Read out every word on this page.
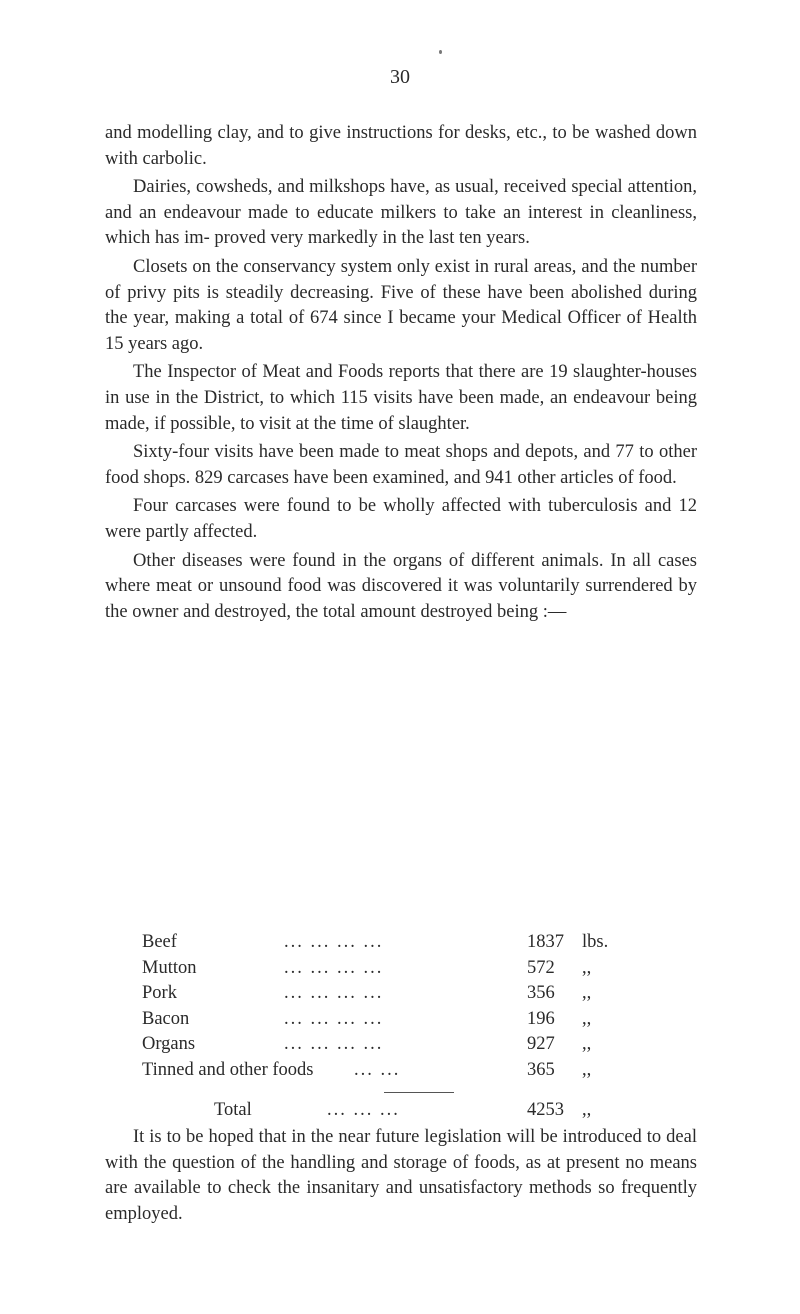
30

and modelling clay, and to give instructions for desks, etc., to be washed down with carbolic.

Dairies, cowsheds, and milkshops have, as usual, received special attention, and an endeavour made to educate milkers to take an interest in cleanliness, which has im- proved very markedly in the last ten years.

Closets on the conservancy system only exist in rural areas, and the number of privy pits is steadily decreasing. Five of these have been abolished during the year, making a total of 674 since I became your Medical Officer of Health 15 years ago.

The Inspector of Meat and Foods reports that there are 19 slaughter-houses in use in the District, to which 115 visits have been made, an endeavour being made, if possible, to visit at the time of slaughter.

Sixty-four visits have been made to meat shops and depots, and 77 to other food shops. 829 carcases have been examined, and 941 other articles of food.

Four carcases were found to be wholly affected with tuberculosis and 12 were partly affected.

Other diseases were found in the organs of different animals. In all cases where meat or unsound food was discovered it was voluntarily surrendered by the owner and destroyed, the total amount destroyed being :—

Beef	... ... ... ...	1837 lbs.
Mutton	... ... ... ...	572	,,
Pork	... ... ... ...	356	,,
Bacon	... ... ... ...	196	,,
Organs	... ... ... ...	927	,,
Tinned and other foods ... ...	365	,,
Total	... ... ...	4253 ,,

It is to be hoped that in the near future legislation will be introduced to deal with the question of the handling and storage of foods, as at present no means are available to check the insanitary and unsatisfactory methods so frequently employed.
